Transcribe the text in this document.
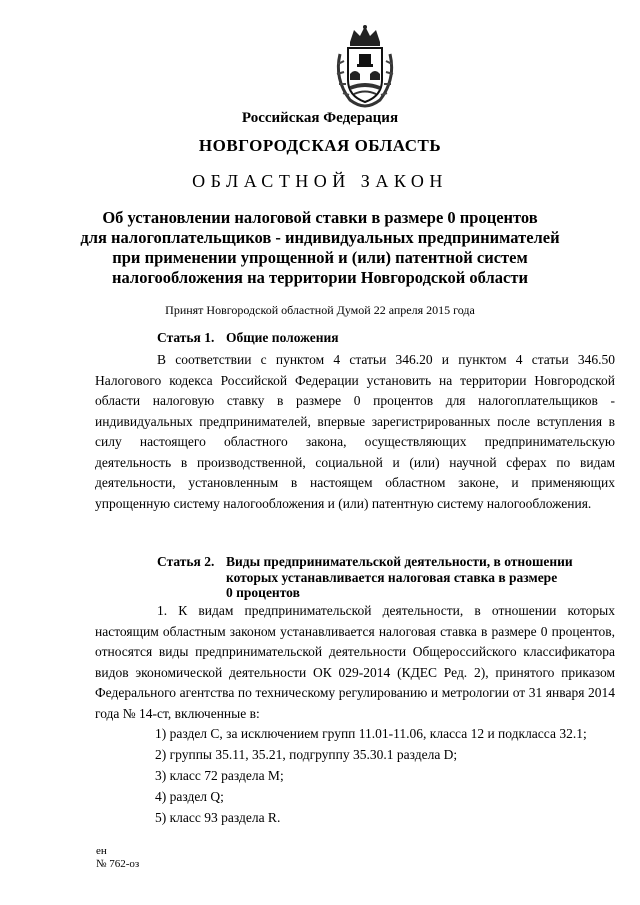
Российская Федерация
НОВГОРОДСКАЯ ОБЛАСТЬ
ОБЛАСТНОЙ ЗАКОН
Об установлении налоговой ставки в размере 0 процентов
для налогоплательщиков - индивидуальных предпринимателей
при применении упрощенной и (или) патентной систем
налогообложения на территории Новгородской области
Принят Новгородской областной Думой 22 апреля 2015 года
Статья 1. Общие положения
В соответствии с пунктом 4 статьи 346.20 и пунктом 4 статьи 346.50 Налогового кодекса Российской Федерации установить на территории Новгородской области налоговую ставку в размере 0 процентов для налогоплательщиков - индивидуальных предпринимателей, впервые зарегистрированных после вступления в силу настоящего областного закона, осуществляющих предпринимательскую деятельность в производственной, социальной и (или) научной сферах по видам деятельности, установленным в настоящем областном законе, и применяющих упрощенную систему налогообложения и (или) патентную систему налогообложения.
Статья 2. Виды предпринимательской деятельности, в отношении
которых устанавливается налоговая ставка в размере
0 процентов
1. К видам предпринимательской деятельности, в отношении которых настоящим областным законом устанавливается налоговая ставка в размере 0 процентов, относятся виды предпринимательской деятельности Общероссийского классификатора видов экономической деятельности ОК 029-2014 (КДЕС Ред. 2), принятого приказом Федерального агентства по техническому регулированию и метрологии от 31 января 2014 года № 14-ст, включенные в:
1) раздел С, за исключением групп 11.01-11.06, класса 12 и подкласса 32.1;
2) группы 35.11, 35.21, подгруппу 35.30.1 раздела D;
3) класс 72 раздела М;
4) раздел Q;
5) класс 93 раздела R.
ен
№ 762-оз
